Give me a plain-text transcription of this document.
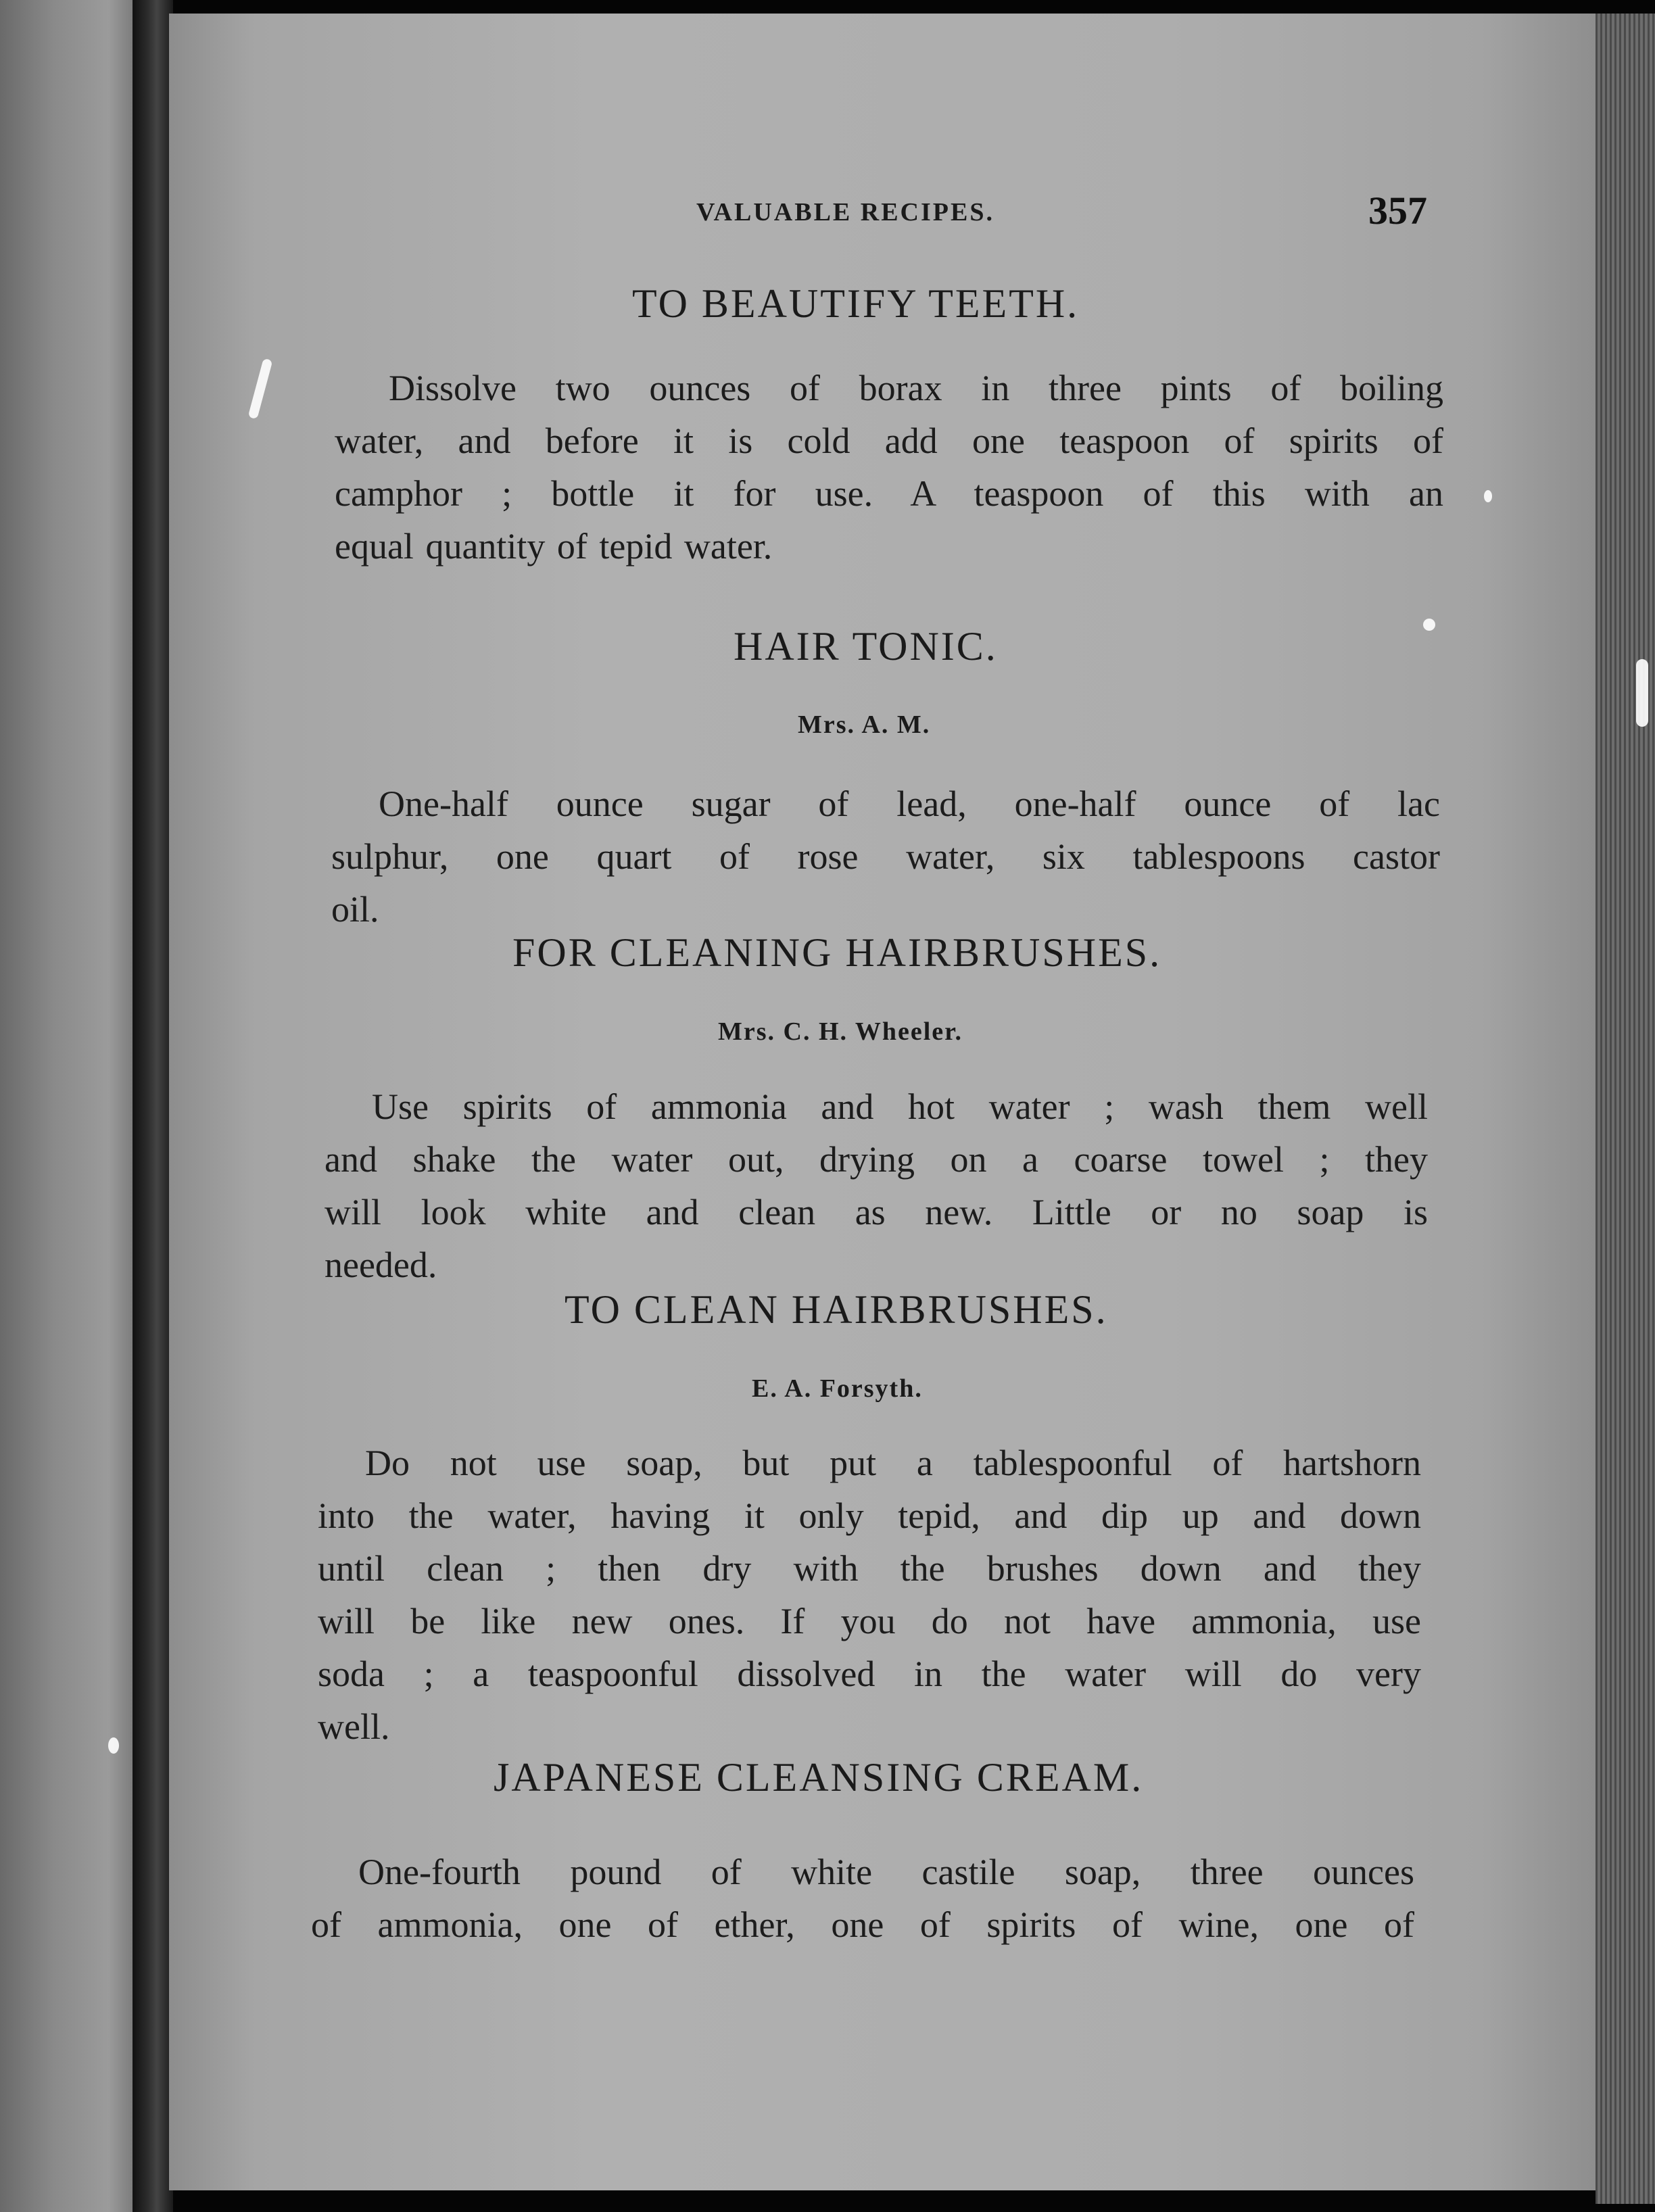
VALUABLE RECIPES.	357
TO BEAUTIFY TEETH.
Dissolve two ounces of borax in three pints of boiling
water, and before it is cold add one teaspoon of spirits of
camphor ; bottle it for use. A teaspoon of this with an
equal quantity of tepid water.
HAIR TONIC.
Mrs. A. M.
One-half ounce sugar of lead, one-half ounce of lac
sulphur, one quart of rose water, six tablespoons castor
oil.
FOR CLEANING HAIRBRUSHES.
Mrs. C. H. Wheeler.
Use spirits of ammonia and hot water ; wash them well
and shake the water out, drying on a coarse towel ; they
will look white and clean as new. Little or no soap is
needed.
TO CLEAN HAIRBRUSHES.
E. A. Forsyth.
Do not use soap, but put a tablespoonful of hartshorn
into the water, having it only tepid, and dip up and down
until clean ; then dry with the brushes down and they
will be like new ones. If you do not have ammonia, use
soda ; a teaspoonful dissolved in the water will do very
well.
JAPANESE CLEANSING CREAM.
One-fourth pound of white castile soap, three ounces
of ammonia, one of ether, one of spirits of wine, one of
